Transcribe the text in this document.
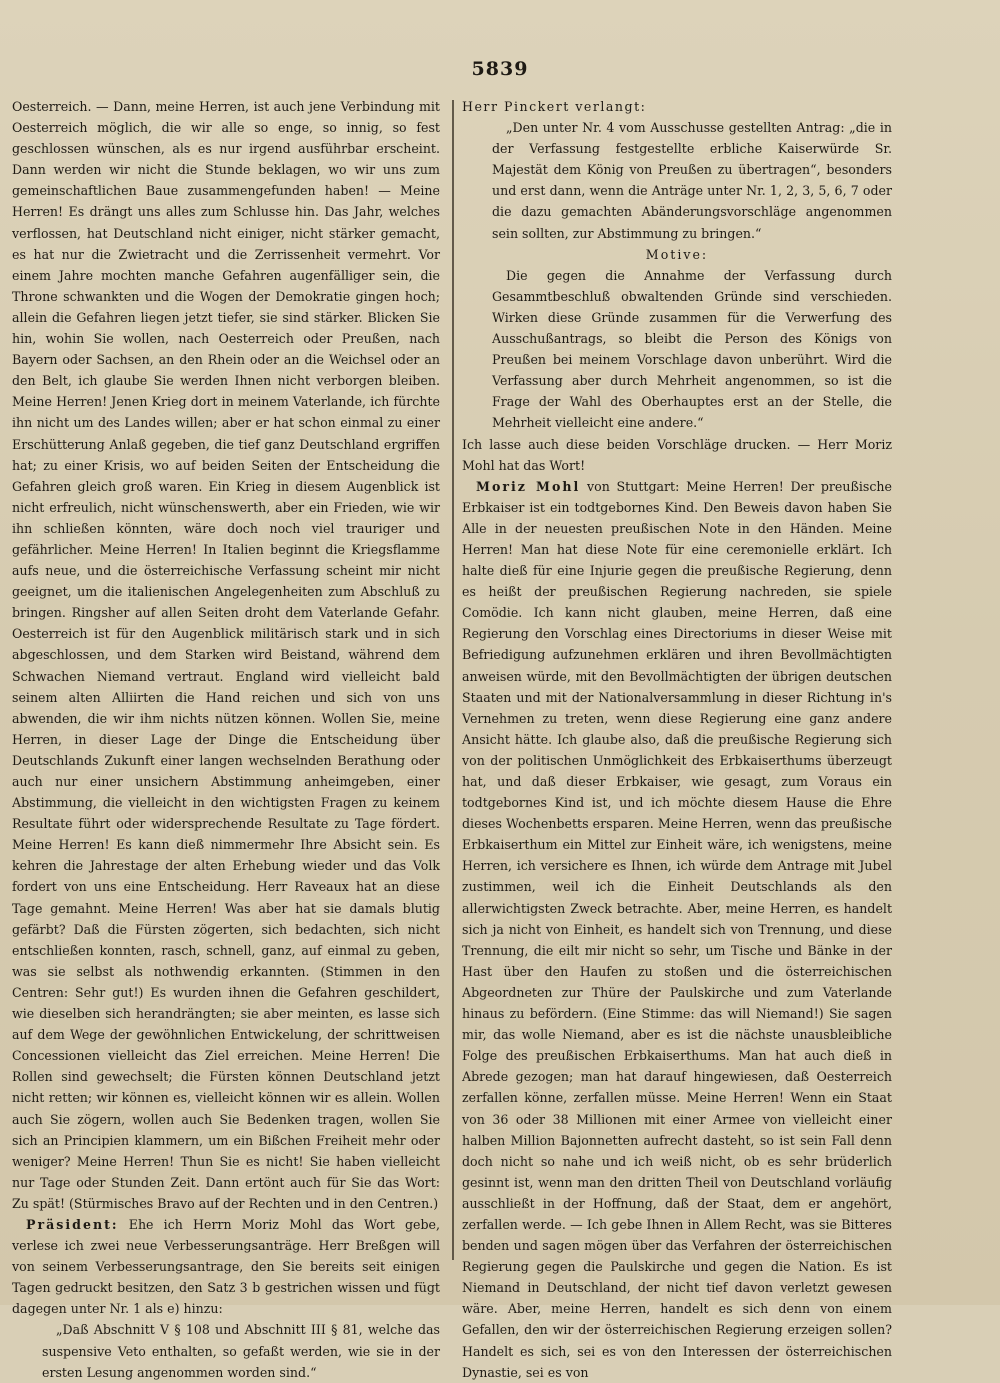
5839

Oesterreich. — Dann, meine Herren, ist auch jene Verbindung mit Oesterreich möglich, die wir alle so enge, so innig, so fest geschlossen wünschen, als es nur irgend ausführbar erscheint. Dann werden wir nicht die Stunde beklagen, wo wir uns zum gemeinschaftlichen Baue zusammengefunden haben! — Meine Herren! Es drängt uns alles zum Schlusse hin. Das Jahr, welches verflossen, hat Deutschland nicht einiger, nicht stärker gemacht, es hat nur die Zwietracht und die Zerrissenheit vermehrt. Vor einem Jahre mochten manche Gefahren augenfälliger sein, die Throne schwankten und die Wogen der Demokratie gingen hoch; allein die Gefahren liegen jetzt tiefer, sie sind stärker. Blicken Sie hin, wohin Sie wollen, nach Oesterreich oder Preußen, nach Bayern oder Sachsen, an den Rhein oder an die Weichsel oder an den Belt, ich glaube Sie werden Ihnen nicht verborgen bleiben. Meine Herren! Jenen Krieg dort in meinem Vaterlande, ich fürchte ihn nicht um des Landes willen; aber er hat schon einmal zu einer Erschütterung Anlaß gegeben, die tief ganz Deutschland ergriffen hat; zu einer Krisis, wo auf beiden Seiten der Entscheidung die Gefahren gleich groß waren. Ein Krieg in diesem Augenblick ist nicht erfreulich, nicht wünschenswerth, aber ein Frieden, wie wir ihn schließen könnten, wäre doch noch viel trauriger und gefährlicher. Meine Herren! In Italien beginnt die Kriegsflamme aufs neue, und die österreichische Verfassung scheint mir nicht geeignet, um die italienischen Angelegenheiten zum Abschluß zu bringen. Ringsher auf allen Seiten droht dem Vaterlande Gefahr. Oesterreich ist für den Augenblick militärisch stark und in sich abgeschlossen, und dem Starken wird Beistand, während dem Schwachen Niemand vertraut. England wird vielleicht bald seinem alten Alliirten die Hand reichen und sich von uns abwenden, die wir ihm nichts nützen können. Wollen Sie, meine Herren, in dieser Lage der Dinge die Entscheidung über Deutschlands Zukunft einer langen wechselnden Berathung oder auch nur einer unsichern Abstimmung anheimgeben, einer Abstimmung, die vielleicht in den wichtigsten Fragen zu keinem Resultate führt oder widersprechende Resultate zu Tage fördert. Meine Herren! Es kann dieß nimmermehr Ihre Absicht sein. Es kehren die Jahrestage der alten Erhebung wieder und das Volk fordert von uns eine Entscheidung. Herr Raveaux hat an diese Tage gemahnt. Meine Herren! Was aber hat sie damals blutig gefärbt? Daß die Fürsten zögerten, sich bedachten, sich nicht entschließen konnten, rasch, schnell, ganz, auf einmal zu geben, was sie selbst als nothwendig erkannten. (Stimmen in den Centren: Sehr gut!) Es wurden ihnen die Gefahren geschildert, wie dieselben sich herandrängten; sie aber meinten, es lasse sich auf dem Wege der gewöhnlichen Entwickelung, der schrittweisen Concessionen vielleicht das Ziel erreichen. Meine Herren! Die Rollen sind gewechselt; die Fürsten können Deutschland jetzt nicht retten; wir können es, vielleicht können wir es allein. Wollen auch Sie zögern, wollen auch Sie Bedenken tragen, wollen Sie sich an Principien klammern, um ein Bißchen Freiheit mehr oder weniger? Meine Herren! Thun Sie es nicht! Sie haben vielleicht nur Tage oder Stunden Zeit. Dann ertönt auch für Sie das Wort: Zu spät! (Stürmisches Bravo auf der Rechten und in den Centren.)

Präsident: Ehe ich Herrn Moriz Mohl das Wort gebe, verlese ich zwei neue Verbesserungsanträge. Herr Breßgen will von seinem Verbesserungsantrage, den Sie bereits seit einigen Tagen gedruckt besitzen, den Satz 3 b gestrichen wissen und fügt dagegen unter Nr. 1 als e) hinzu:

„Daß Abschnitt V § 108 und Abschnitt III § 81, welche das suspensive Veto enthalten, so gefaßt werden, wie sie in der ersten Lesung angenommen worden sind.“

Herr Pinckert verlangt:

„Den unter Nr. 4 vom Ausschusse gestellten Antrag: „die in der Verfassung festgestellte erbliche Kaiserwürde Sr. Majestät dem König von Preußen zu übertragen“, besonders und erst dann, wenn die Anträge unter Nr. 1, 2, 3, 5, 6, 7 oder die dazu gemachten Abänderungsvorschläge angenommen sein sollten, zur Abstimmung zu bringen.“

Motive:

Die gegen die Annahme der Verfassung durch Gesammtbeschluß obwaltenden Gründe sind verschieden. Wirken diese Gründe zusammen für die Verwerfung des Ausschußantrags, so bleibt die Person des Königs von Preußen bei meinem Vorschlage davon unberührt. Wird die Verfassung aber durch Mehrheit angenommen, so ist die Frage der Wahl des Oberhauptes erst an der Stelle, die Mehrheit vielleicht eine andere.“

Ich lasse auch diese beiden Vorschläge drucken. — Herr Moriz Mohl hat das Wort!

Moriz Mohl von Stuttgart: Meine Herren! Der preußische Erbkaiser ist ein todtgebornes Kind. Den Beweis davon haben Sie Alle in der neuesten preußischen Note in den Händen. Meine Herren! Man hat diese Note für eine ceremonielle erklärt. Ich halte dieß für eine Injurie gegen die preußische Regierung, denn es heißt der preußischen Regierung nachreden, sie spiele Comödie. Ich kann nicht glauben, meine Herren, daß eine Regierung den Vorschlag eines Directoriums in dieser Weise mit Befriedigung aufzunehmen erklären und ihren Bevollmächtigten anweisen würde, mit den Bevollmächtigten der übrigen deutschen Staaten und mit der Nationalversammlung in dieser Richtung in's Vernehmen zu treten, wenn diese Regierung eine ganz andere Ansicht hätte. Ich glaube also, daß die preußische Regierung sich von der politischen Unmöglichkeit des Erbkaiserthums überzeugt hat, und daß dieser Erbkaiser, wie gesagt, zum Voraus ein todtgebornes Kind ist, und ich möchte diesem Hause die Ehre dieses Wochenbetts ersparen. Meine Herren, wenn das preußische Erbkaiserthum ein Mittel zur Einheit wäre, ich wenigstens, meine Herren, ich versichere es Ihnen, ich würde dem Antrage mit Jubel zustimmen, weil ich die Einheit Deutschlands als den allerwichtigsten Zweck betrachte. Aber, meine Herren, es handelt sich ja nicht von Einheit, es handelt sich von Trennung, und diese Trennung, die eilt mir nicht so sehr, um Tische und Bänke in der Hast über den Haufen zu stoßen und die österreichischen Abgeordneten zur Thüre der Paulskirche und zum Vaterlande hinaus zu befördern. (Eine Stimme: das will Niemand!) Sie sagen mir, das wolle Niemand, aber es ist die nächste unausbleibliche Folge des preußischen Erbkaiserthums. Man hat auch dieß in Abrede gezogen; man hat darauf hingewiesen, daß Oesterreich zerfallen könne, zerfallen müsse. Meine Herren! Wenn ein Staat von 36 oder 38 Millionen mit einer Armee von vielleicht einer halben Million Bajonnetten aufrecht dasteht, so ist sein Fall denn doch nicht so nahe und ich weiß nicht, ob es sehr brüderlich gesinnt ist, wenn man den dritten Theil von Deutschland vorläufig ausschließt in der Hoffnung, daß der Staat, dem er angehört, zerfallen werde. — Ich gebe Ihnen in Allem Recht, was sie Bitteres benden und sagen mögen über das Verfahren der österreichischen Regierung gegen die Paulskirche und gegen die Nation. Es ist Niemand in Deutschland, der nicht tief davon verletzt gewesen wäre. Aber, meine Herren, handelt es sich denn von einem Gefallen, den wir der österreichischen Regierung erzeigen sollen? Handelt es sich, sei es von den Interessen der österreichischen Dynastie, sei es von
